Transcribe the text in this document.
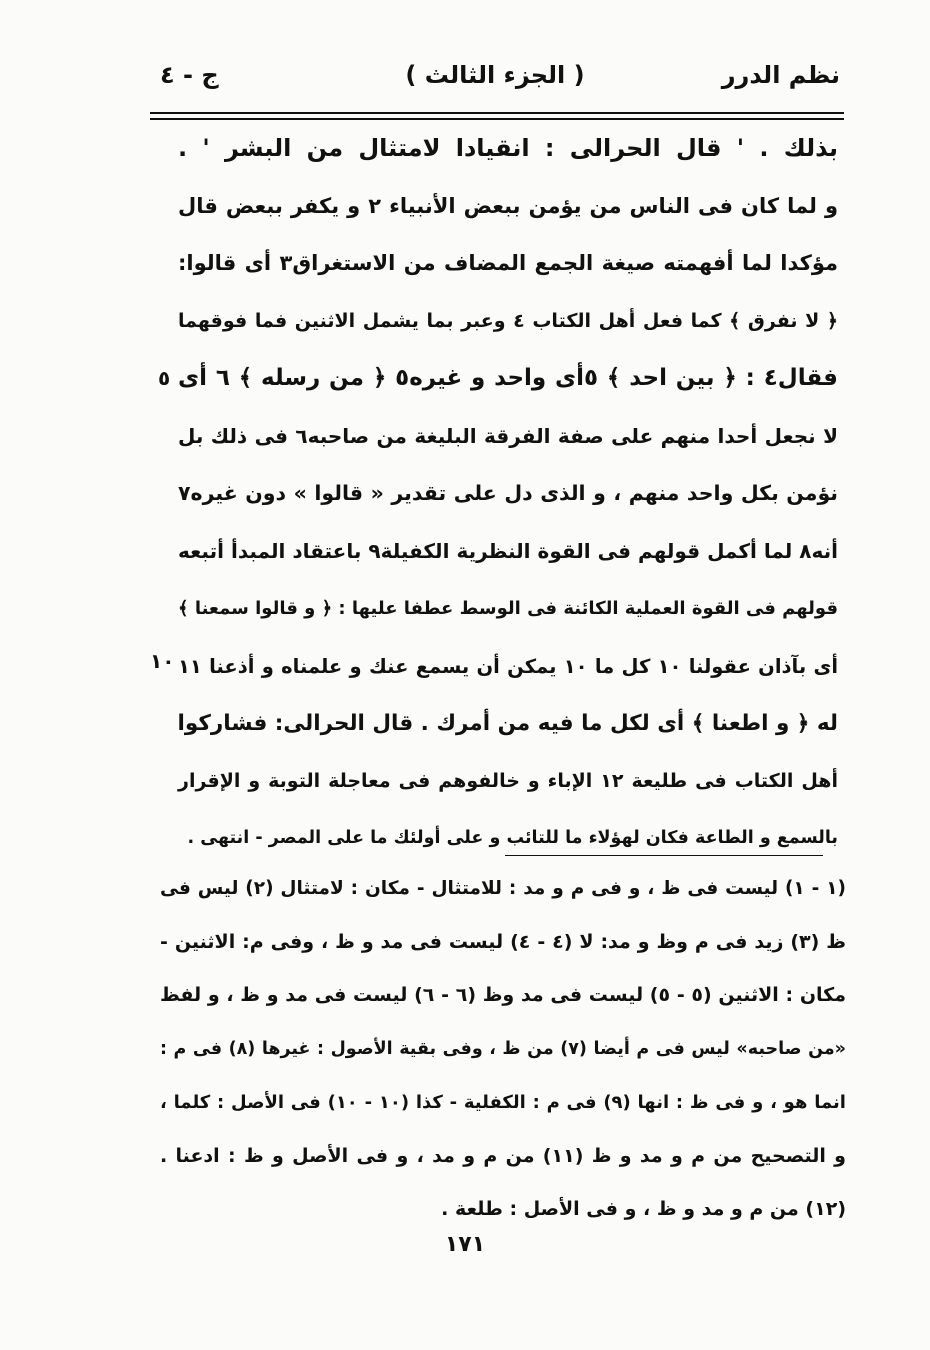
نظم الدرر
( الجزء الثالث )
ج - ٤
بذلك . ' قال الحرالى : انقيادا لامتثال من البشر ' .
و لما كان فى الناس من يؤمن ببعض الأنبياء ٢ و يكفر ببعض قال
مؤكدا لما أفهمته صيغة الجمع المضاف من الاستغراق٣ أى قالوا:
﴿ لا نفرق ﴾ كما فعل أهل الكتاب ٤ وعبر بما يشمل الاثنين فما فوقهما
فقال٤ : ﴿ بين احد ﴾ ٥أى واحد و غيره٥ ﴿ من رسله ﴾ ٦ أى
لا نجعل أحدا منهم على صفة الفرقة البليغة من صاحبه٦ فى ذلك بل
نؤمن بكل واحد منهم ، و الذى دل على تقدير « قالوا » دون غيره٧
أنه٨ لما أكمل قولهم فى القوة النظرية الكفيلة٩ باعتقاد المبدأ أتبعه
قولهم فى القوة العملية الكائنة فى الوسط عطفا عليها : ﴿ و قالوا سمعنا ﴾
أى بآذان عقولنا ١٠ كل ما ١٠ يمكن أن يسمع عنك و علمناه و أذعنا ١١
له ﴿ و اطعنا ﴾ أى لكل ما فيه من أمرك . قال الحرالى: فشاركوا
أهل الكتاب فى طليعة ١٢ الإباء و خالفوهم فى معاجلة التوبة و الإقرار
بالسمع و الطاعة فكان لهؤلاء ما للتائب و على أولئك ما على المصر - انتهى .
٥
١٠
(١ - ١) ليست فى ظ ، و فى م و مد : للامتثال - مكان : لامتثال (٢) ليس فى
ظ (٣) زيد فى م وظ و مد: لا (٤ - ٤) ليست فى مد و ظ ، وفى م: الاثنين -
مكان : الاثنين (٥ - ٥) ليست فى مد وظ (٦ - ٦) ليست فى مد و ظ ، و لفظ
«من صاحبه» ليس فى م أيضا (٧) من ظ ، وفى بقية الأصول : غيرها (٨) فى م :
انما هو ، و فى ظ : انها (٩) فى م : الكفلية - كذا (١٠ - ١٠) فى الأصل : كلما ،
و التصحيح من م و مد و ظ (١١) من م و مد ، و فى الأصل و ظ : ادعنا .
(١٢) من م و مد و ظ ، و فى الأصل : طلعة .
١٧١
